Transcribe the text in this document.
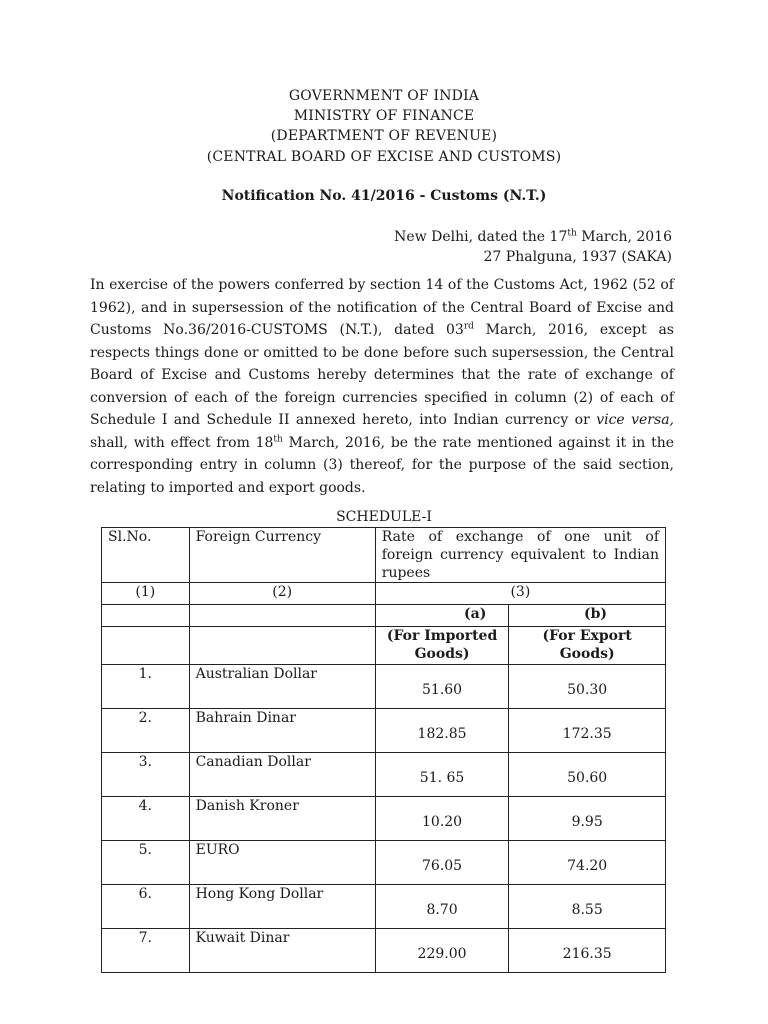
GOVERNMENT OF INDIA
MINISTRY OF FINANCE
(DEPARTMENT OF REVENUE)
(CENTRAL BOARD OF EXCISE AND CUSTOMS)
Notification No. 41/2016 - Customs (N.T.)
New Delhi, dated the 17th March, 2016
27 Phalguna, 1937 (SAKA)

In exercise of the powers conferred by section 14 of the Customs Act, 1962 (52 of 1962), and in supersession of the notification of the Central Board of Excise and Customs No.36/2016-CUSTOMS (N.T.), dated 03rd March, 2016, except as respects things done or omitted to be done before such supersession, the Central Board of Excise and Customs hereby determines that the rate of exchange of conversion of each of the foreign currencies specified in column (2) of each of Schedule I and Schedule II annexed hereto, into Indian currency or vice versa, shall, with effect from 18th March, 2016, be the rate mentioned against it in the corresponding entry in column (3) thereof, for the purpose of the said section, relating to imported and export goods.

SCHEDULE-I
Sl.No.	Foreign Currency	Rate of exchange of one unit of foreign currency equivalent to Indian rupees	
(1)	(2)	(3)	
		(a)	(b)
		(For Imported Goods)	(For Export Goods)
1.	Australian Dollar	51.60	50.30
2.	Bahrain Dinar	182.85	172.35
3.	Canadian Dollar	51. 65	50.60
4.	Danish Kroner	10.20	9.95
5.	EURO	76.05	74.20
6.	Hong Kong Dollar	8.70	8.55
7.	Kuwait Dinar	229.00	216.35
